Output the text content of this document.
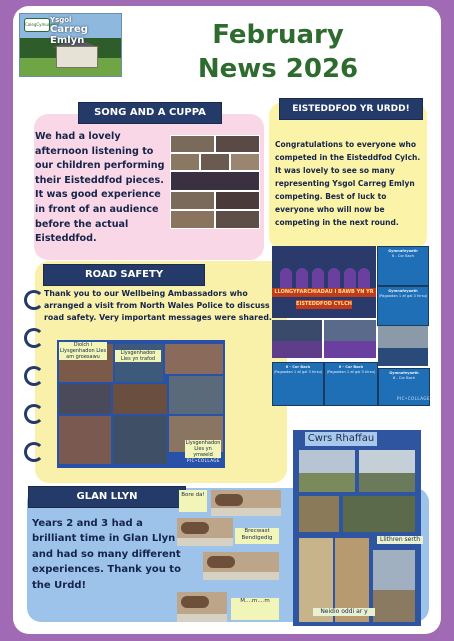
ColegCymunedol
Ysgol
Carreg Emlyn	February
News 2026
SONG AND A CUPPA
We had a lovely afternoon listening to our children performing their Eisteddfod pieces. It was good experience in front of an audience before the actual Eisteddfod.
EISTEDDFOD YR URDD!
Congratulations to everyone who competed in the Eisteddfod Cylch. It was lovely to see so many representing Ysgol Carreg Emlyn competing. Best of luck to everyone who will now be competing in the next round.
LLONGYFARCHIADAU I BAWB YN YR
EISTEDDFOD CYLCH
Gymnafeyaeth
6 - Cor Bach
Gymnafeyaeth
(Pagoodan 1 af gal 3 hirsu)
6 - Cor Bach
(Pagoodan 1 af gal 3 hirsu)
6 - Cor Bach
(Pagoodan 1 af gal 3 hirsu)	Gymnafeyaeth
6 - Cor Bach
PIC•COLLAGE
ROAD SAFETY
Thank you to our Wellbeing Ambassadors who arranged a visit from North Wales Police to discuss road safety. Very important messages were shared.
Diolch i Llysgenhadon Lles am groesawu
Llysgenhadon Lles yn trafod
Llysgenhadon Lles yn ymweld
PIC•COLLAGE
GLAN LLYN
Years 2 and 3 had a brilliant time in Glan Llyn and had so many different experiences. Thank you to the Urdd!
Bore da!
Brecwast Bendigedig
M....m....m
Cwrs Rhaffau
Llithren serth
Neidio oddi ar y
